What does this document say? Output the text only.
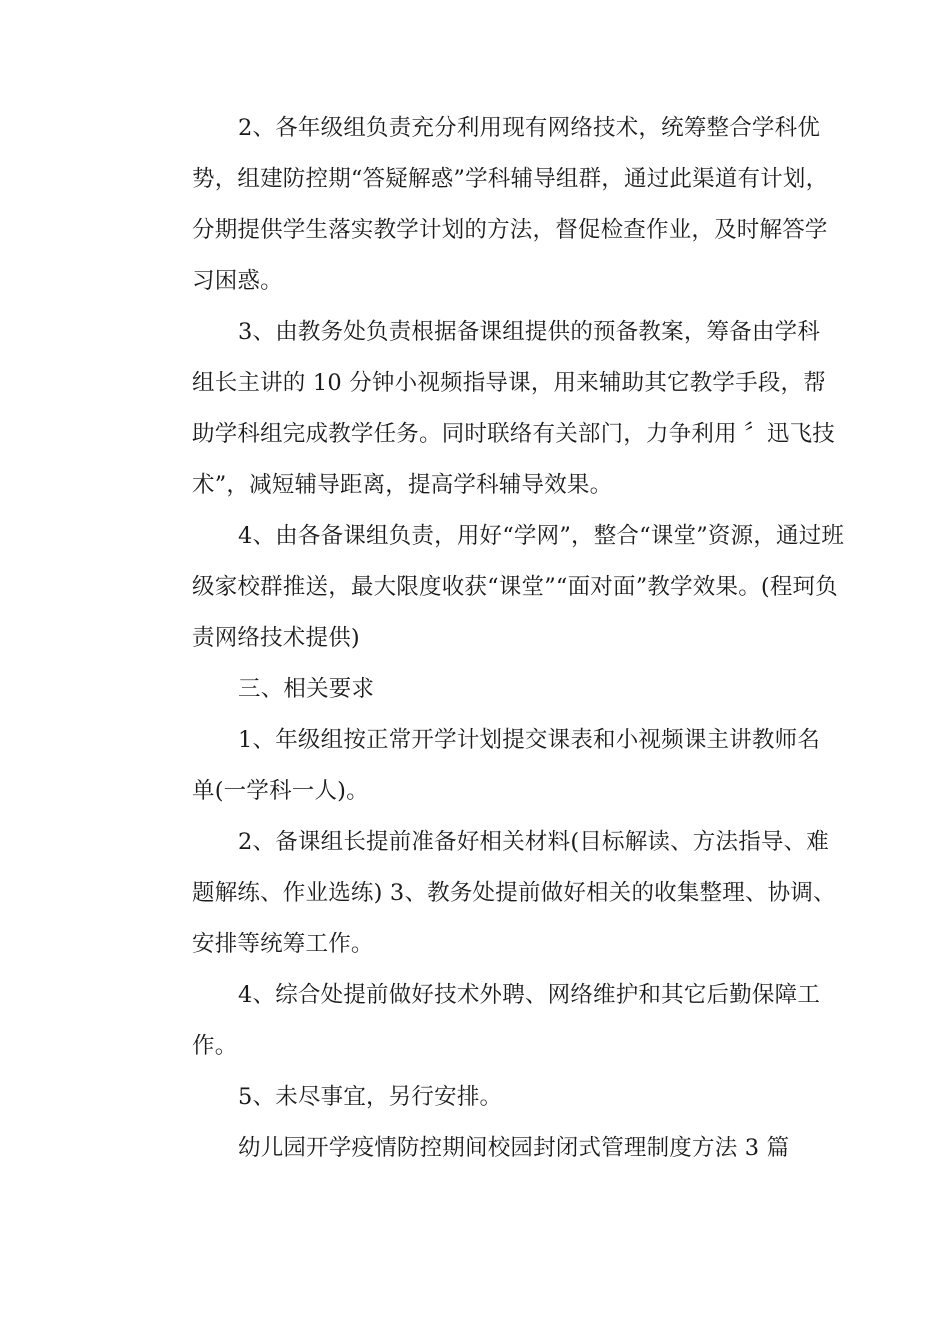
2、各年级组负责充分利用现有网络技术，统筹整合学科优
势，组建防控期“答疑解惑”学科辅导组群，通过此渠道有计划，
分期提供学生落实教学计划的方法，督促检查作业，及时解答学
习困惑。
3、由教务处负责根据备课组提供的预备教案，筹备由学科
组长主讲的 10 分钟小视频指导课，用来辅助其它教学手段，帮
助学科组完成教学任务。同时联络有关部门，力争利用 〞迅飞技
术”，减短辅导距离，提高学科辅导效果。
4、由各备课组负责，用好“学网”，整合“课堂”资源，通过班
级家校群推送，最大限度收获“课堂”“面对面”教学效果。(程珂负
责网络技术提供)
三、相关要求
1、年级组按正常开学计划提交课表和小视频课主讲教师名
单(一学科一人)。
2、备课组长提前准备好相关材料(目标解读、方法指导、难
题解练、作业选练) 3、教务处提前做好相关的收集整理、协调、
安排等统筹工作。
4、综合处提前做好技术外聘、网络维护和其它后勤保障工
作。
5、未尽事宜，另行安排。
幼儿园开学疫情防控期间校园封闭式管理制度方法 3 篇
